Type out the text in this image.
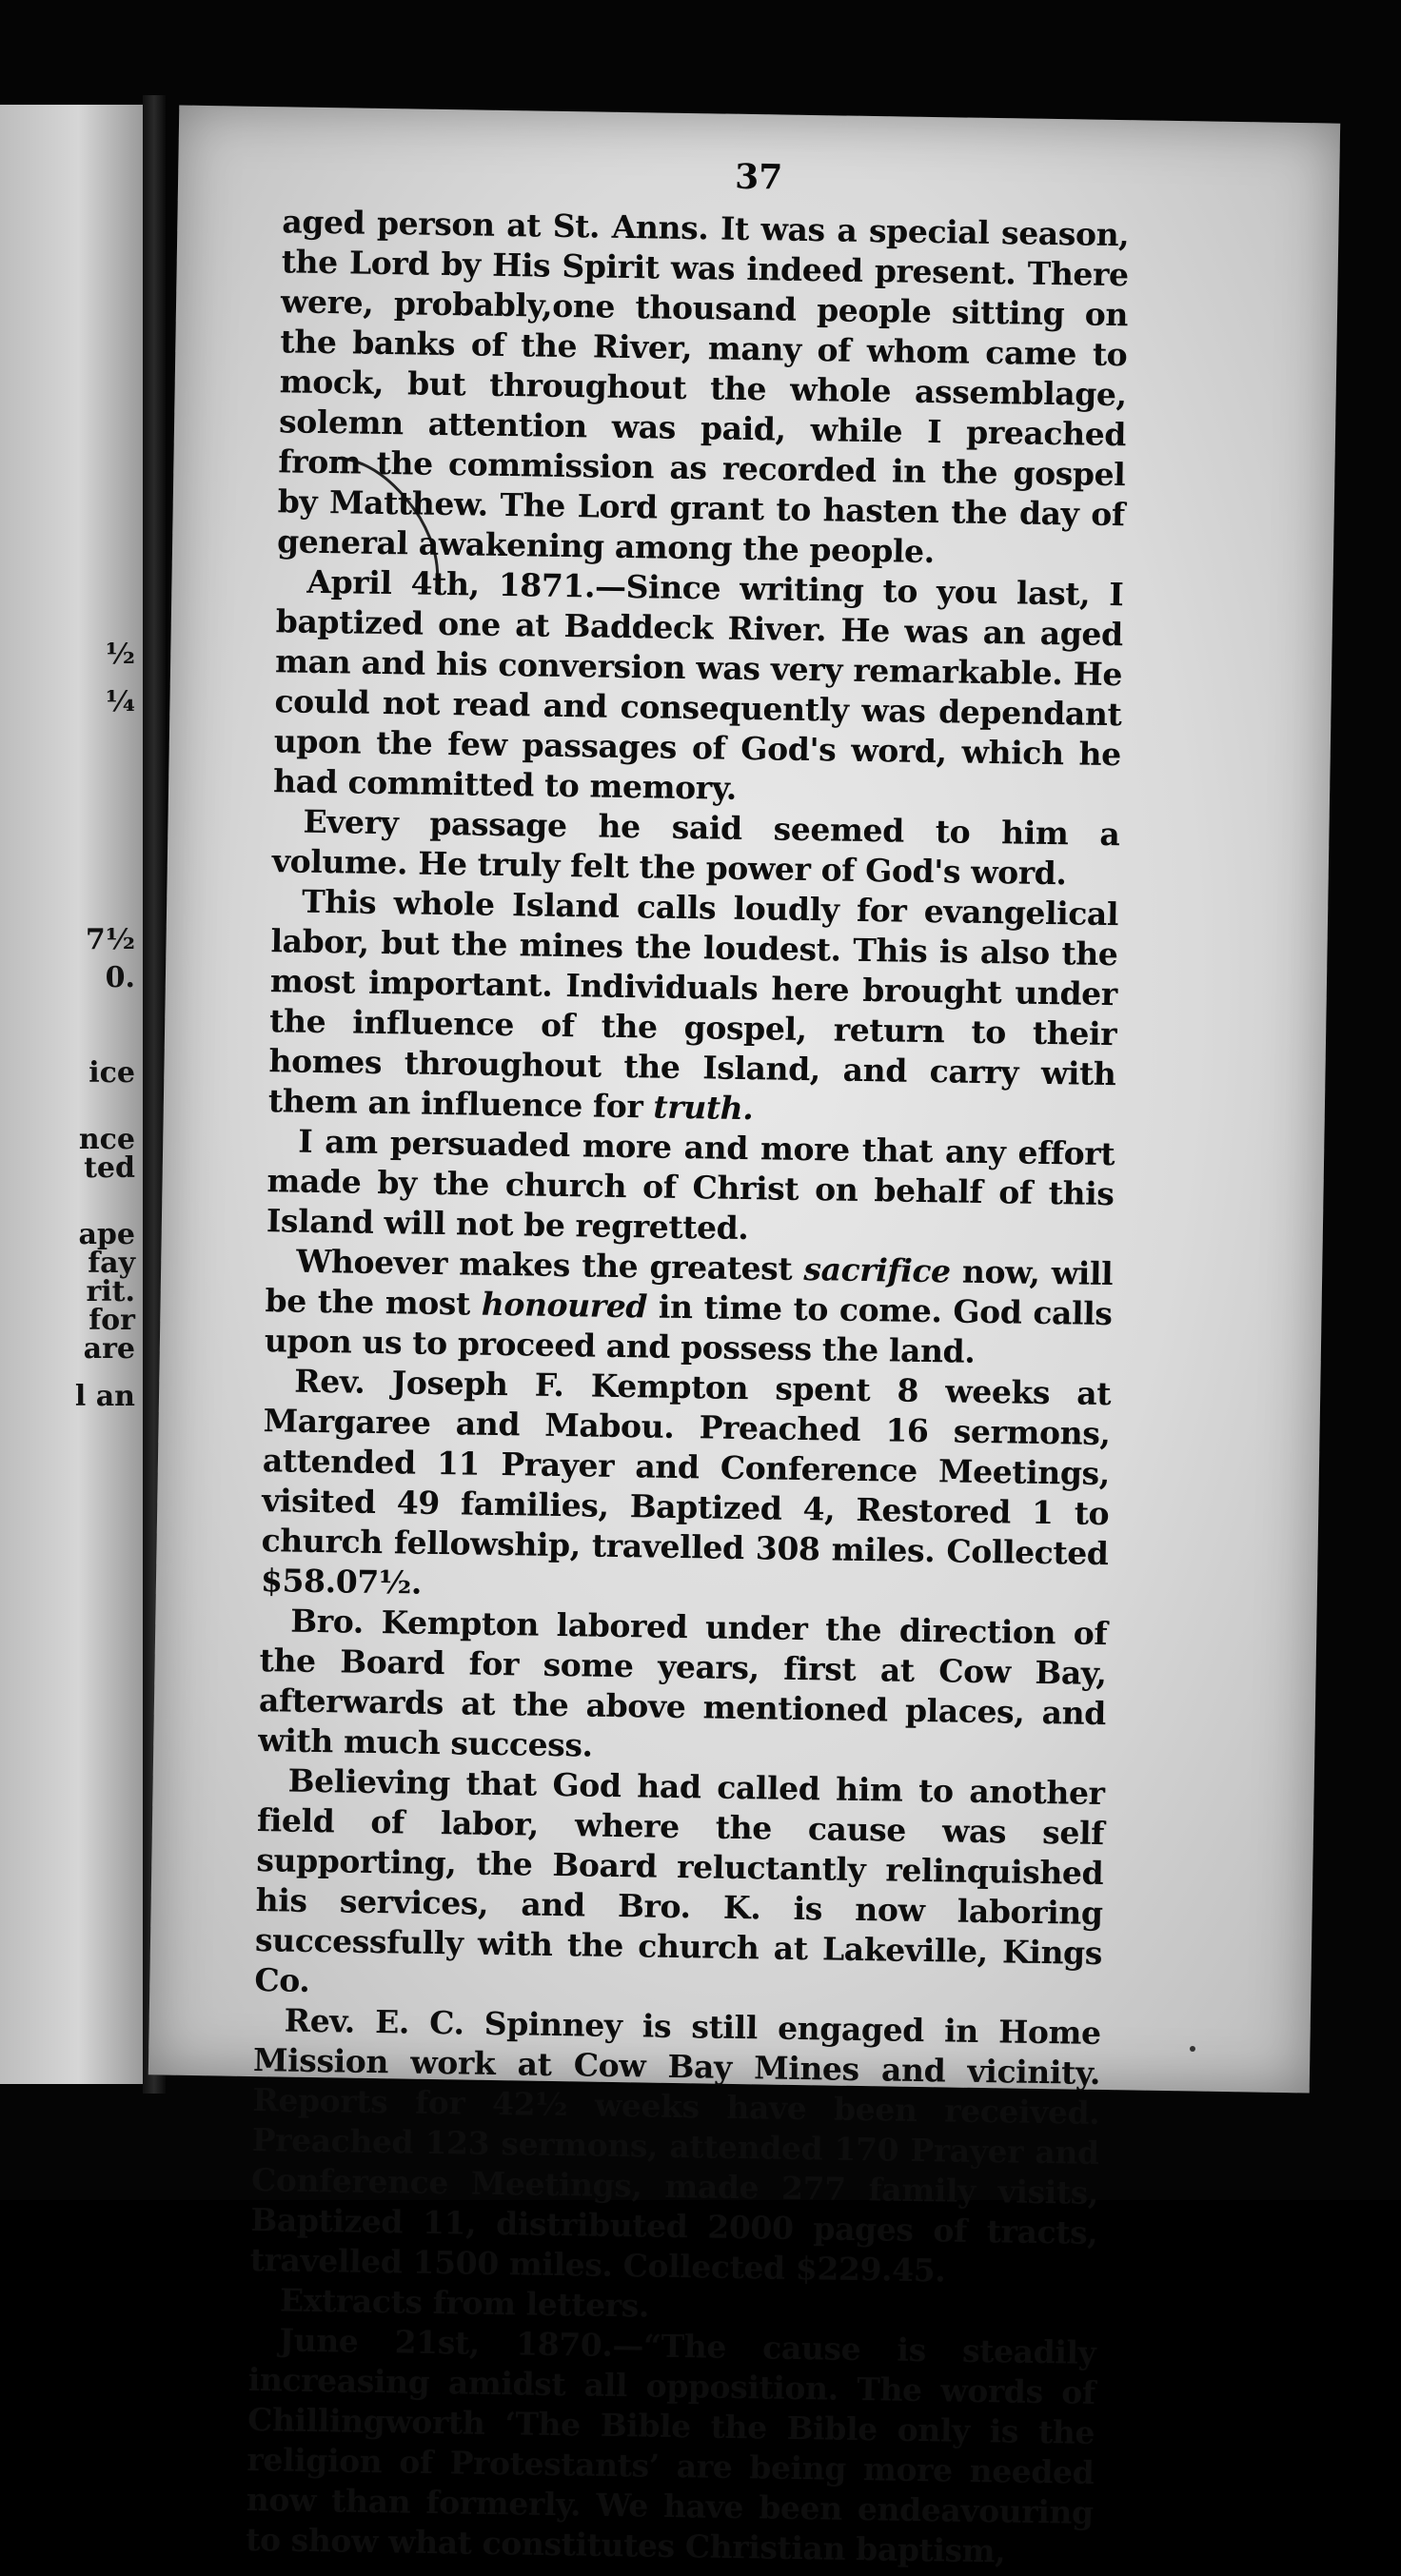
½
¼
7½
0.
ice
nce
ted
ape
fay
rit.
for
are
l an
37

aged person at St. Anns. It was a special season, the Lord by His Spirit was indeed present. There were, probably,one thousand people sitting on the banks of the River, many of whom came to mock, but throughout the whole assemblage, solemn attention was paid, while I preached from the commission as recorded in the gospel by Matthew. The Lord grant to hasten the day of general awakening among the people.

April 4th, 1871.—Since writing to you last, I baptized one at Baddeck River. He was an aged man and his conversion was very remarkable. He could not read and consequently was dependant upon the few passages of God's word, which he had committed to memory.

Every passage he said seemed to him a volume. He truly felt the power of God's word.

This whole Island calls loudly for evangelical labor, but the mines the loudest. This is also the most important. Individuals here brought under the influence of the gospel, return to their homes throughout the Island, and carry with them an influence for truth.

I am persuaded more and more that any effort made by the church of Christ on behalf of this Island will not be regretted.

Whoever makes the greatest sacrifice now, will be the most honoured in time to come. God calls upon us to proceed and possess the land.

Rev. Joseph F. Kempton spent 8 weeks at Margaree and Mabou. Preached 16 sermons, attended 11 Prayer and Conference Meetings, visited 49 families, Baptized 4, Restored 1 to church fellowship, travelled 308 miles. Collected $58.07½.

Bro. Kempton labored under the direction of the Board for some years, first at Cow Bay, afterwards at the above mentioned places, and with much success.

Believing that God had called him to another field of labor, where the cause was self supporting, the Board reluctantly relinquished his services, and Bro. K. is now laboring successfully with the church at Lakeville, Kings Co.

Rev. E. C. Spinney is still engaged in Home Mission work at Cow Bay Mines and vicinity. Reports for 42½ weeks have been received. Preached 123 sermons, attended 170 Prayer and Conference Meetings, made 277 family visits, Baptized 11, distributed 2000 pages of tracts, travelled 1500 miles. Collected $229.45.

Extracts from letters.

June 21st, 1870.—“The cause is steadily increasing amidst all opposition. The words of Chillingworth ‘The Bible the Bible only is the religion of Protestants’ are being more needed now than formerly. We have been endeavouring to show what constitutes Christian baptism,
